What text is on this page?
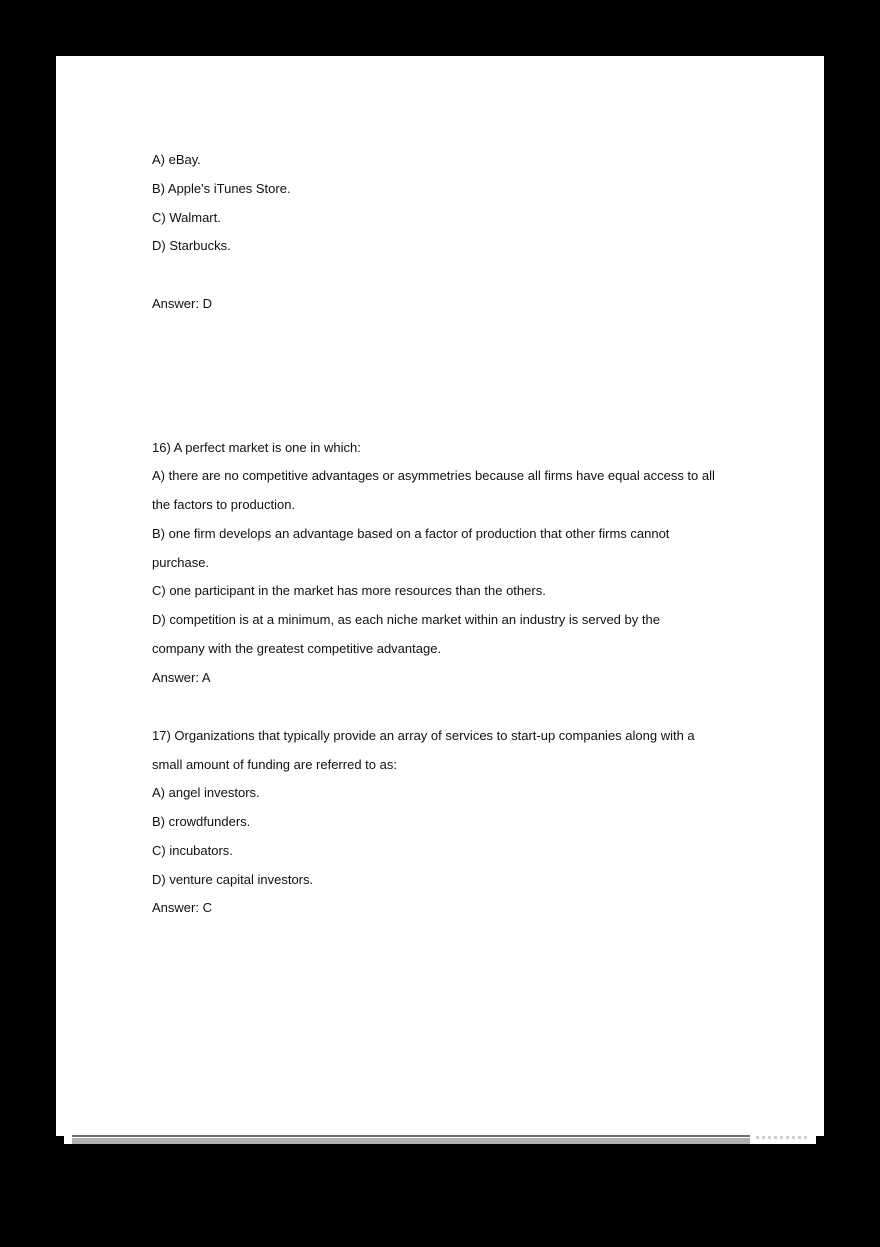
A) eBay.
B) Apple's iTunes Store.
C) Walmart.
D) Starbucks.
Answer: D
16) A perfect market is one in which:
A) there are no competitive advantages or asymmetries because all firms have equal access to all
the factors to production.
B) one firm develops an advantage based on a factor of production that other firms cannot
purchase.
C) one participant in the market has more resources than the others.
D) competition is at a minimum, as each niche market within an industry is served by the
company with the greatest competitive advantage.
Answer: A
17) Organizations that typically provide an array of services to start-up companies along with a
small amount of funding are referred to as:
A) angel investors.
B) crowdfunders.
C) incubators.
D) venture capital investors.
Answer: C
